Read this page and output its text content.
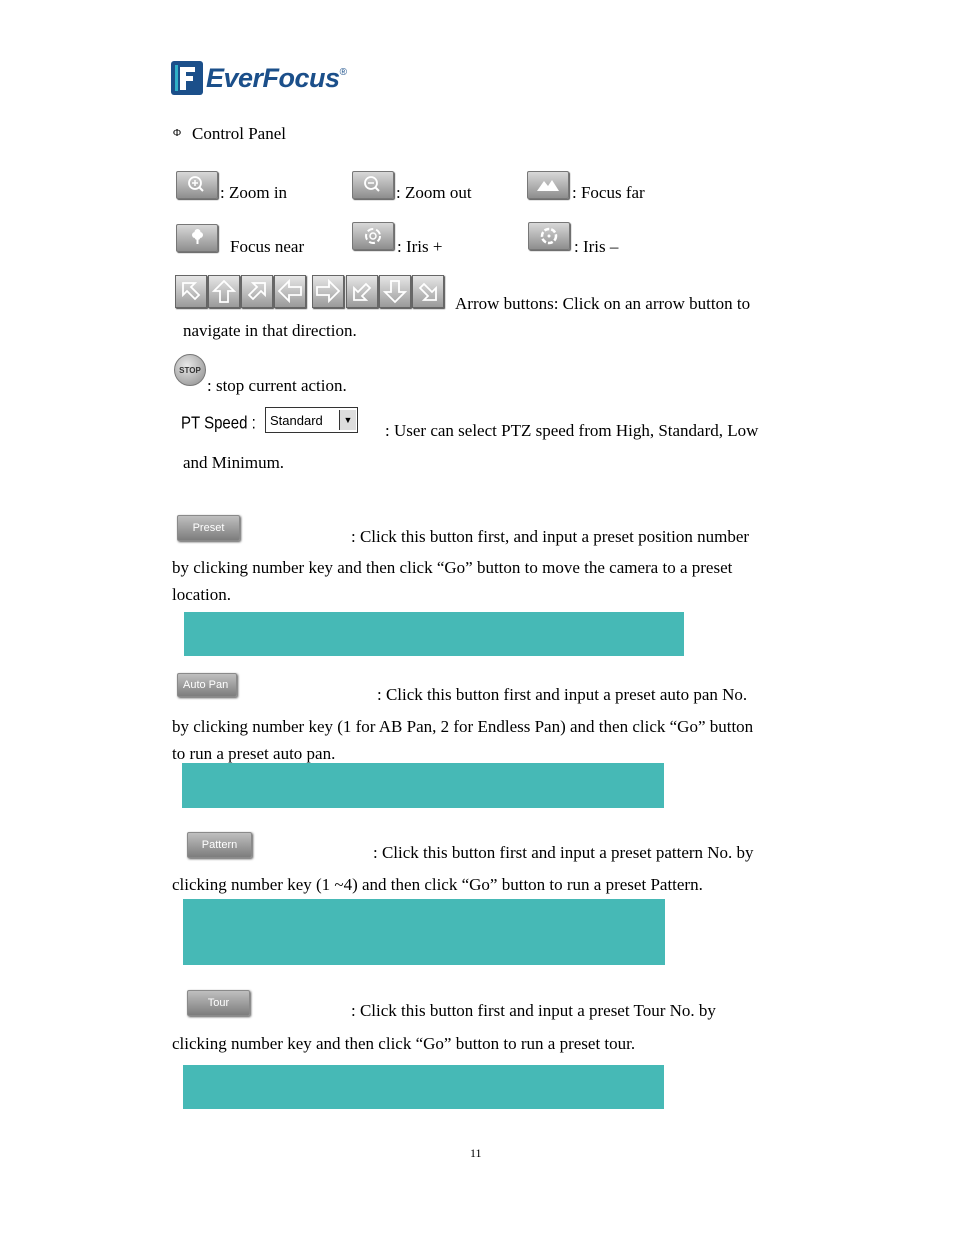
EverFocus ®
Φ Control Panel
: Zoom in	: Zoom out	: Focus far
Focus near	: Iris +	: Iris –
Arrow buttons: Click on an arrow button to
navigate in that direction.
STOP
: stop current action.
PT Speed :	Standard	▼
: User can select PTZ speed from High, Standard, Low
and Minimum.
Preset	: Click this button first, and input a preset position number
by clicking number key and then click “Go” button to move the camera to a preset
location.
Auto Pan	: Click this button first and input a preset auto pan No.
by clicking number key (1 for AB Pan, 2 for Endless Pan) and then click “Go” button
to run a preset auto pan.
Pattern	: Click this button first and input a preset pattern No. by
clicking number key (1 ~4) and then click “Go” button to run a preset Pattern.
Tour	: Click this button first and input a preset Tour No. by
clicking number key and then click “Go” button to run a preset tour.
11
